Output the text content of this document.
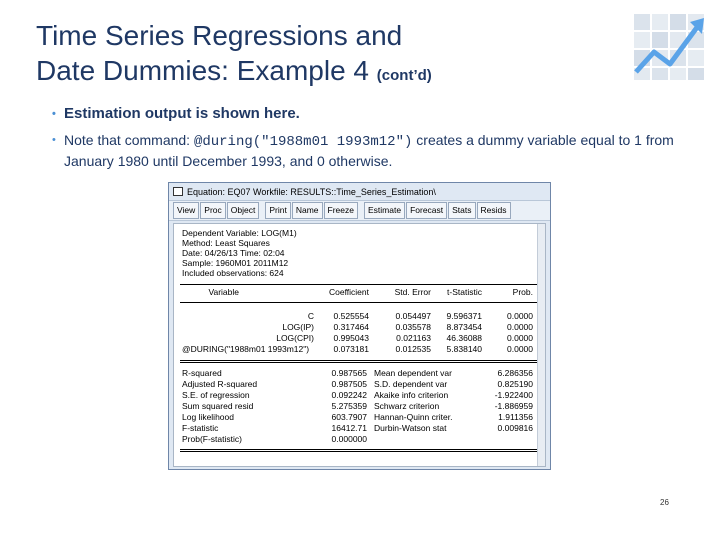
Time Series Regressions and
Date Dummies: Example 4 (cont’d)
• Estimation output is shown here.
• Note that command: @during("1988m01 1993m12") creates a dummy variable equal to 1 from January 1980 until December 1993, and 0 otherwise.
Equation: EQ07 Workfile: RESULTS::Time_Series_Estimation\
View	Proc	Object	Print	Name	Freeze	Estimate	Forecast	Stats	Resids
Dependent Variable: LOG(M1)
Method: Least Squares
Date: 04/26/13 Time: 02:04
Sample: 1960M01 2011M12
Included observations: 624
Variable	Coefficient	Std. Error t-Statistic	Prob.
C 0.525554	0.054497 9.596371	0.0000
LOG(IP) 0.317464	0.035578 8.873454	0.0000
LOG(CPI) 0.995043	0.021163 46.36088	0.0000
@DURING("1988m01 1993m12")	0.073181	0.012535 5.838140	0.0000
R-squared	0.987565 Mean dependent var	6.286356
Adjusted R-squared	0.987505 S.D. dependent var	0.825190
S.E. of regression	0.092242 Akaike info criterion	-1.922400
Sum squared resid	5.275359 Schwarz criterion	-1.886959
Log likelihood	603.7907 Hannan-Quinn criter.	1.911356
F-statistic	16412.71 Durbin-Watson stat	0.009816
Prob(F-statistic)	0.000000
26
